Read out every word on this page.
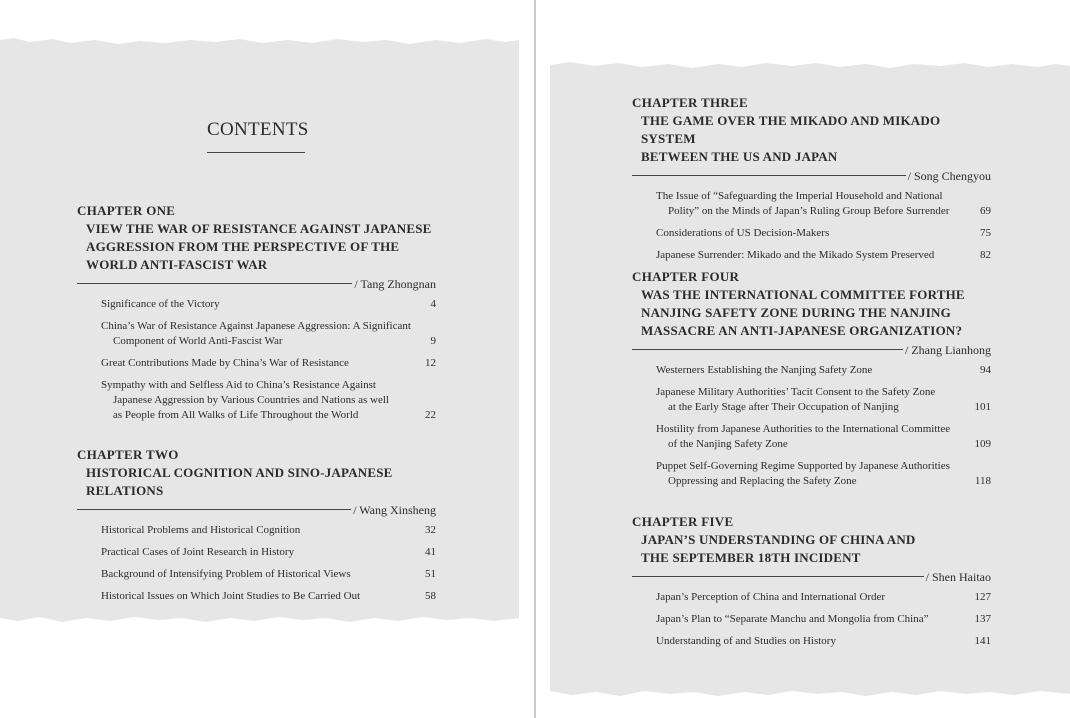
CONTENTS
CHAPTER ONE
VIEW THE WAR OF RESISTANCE AGAINST JAPANESE
AGGRESSION FROM THE PERSPECTIVE OF THE
WORLD ANTI-FASCIST WAR
/ Tang Zhongnan
Significance of the Victory	4
China’s War of Resistance Against Japanese Aggression: A Significant
Component of World Anti-Fascist War	9
Great Contributions Made by China’s War of Resistance	12
Sympathy with and Selfless Aid to China’s Resistance Against
Japanese Aggression by Various Countries and Nations as well
as People from All Walks of Life Throughout the World	22
CHAPTER TWO
HISTORICAL COGNITION AND SINO-JAPANESE
RELATIONS
/ Wang Xinsheng
Historical Problems and Historical Cognition	32
Practical Cases of Joint Research in History	41
Background of Intensifying Problem of Historical Views	51
Historical Issues on Which Joint Studies to Be Carried Out	58
CHAPTER THREE
THE GAME OVER THE MIKADO AND MIKADO SYSTEM
BETWEEN THE US AND JAPAN
/ Song Chengyou
The Issue of “Safeguarding the Imperial Household and National
Polity” on the Minds of Japan’s Ruling Group Before Surrender	69
Considerations of US Decision-Makers	75
Japanese Surrender: Mikado and the Mikado System Preserved	82
CHAPTER FOUR
WAS THE INTERNATIONAL COMMITTEE FORTHE
NANJING SAFETY ZONE DURING THE NANJING
MASSACRE AN ANTI-JAPANESE ORGANIZATION?
/ Zhang Lianhong
Westerners Establishing the Nanjing Safety Zone	94
Japanese Military Authorities’ Tacit Consent to the Safety Zone
at the Early Stage after Their Occupation of Nanjing	101
Hostility from Japanese Authorities to the International Committee
of the Nanjing Safety Zone	109
Puppet Self-Governing Regime Supported by Japanese Authorities
Oppressing and Replacing the Safety Zone	118
CHAPTER FIVE
JAPAN’S UNDERSTANDING OF CHINA AND
THE SEPTEMBER 18TH INCIDENT
/ Shen Haitao
Japan’s Perception of China and International Order	127
Japan’s Plan to “Separate Manchu and Mongolia from China”	137
Understanding of and Studies on History	141
